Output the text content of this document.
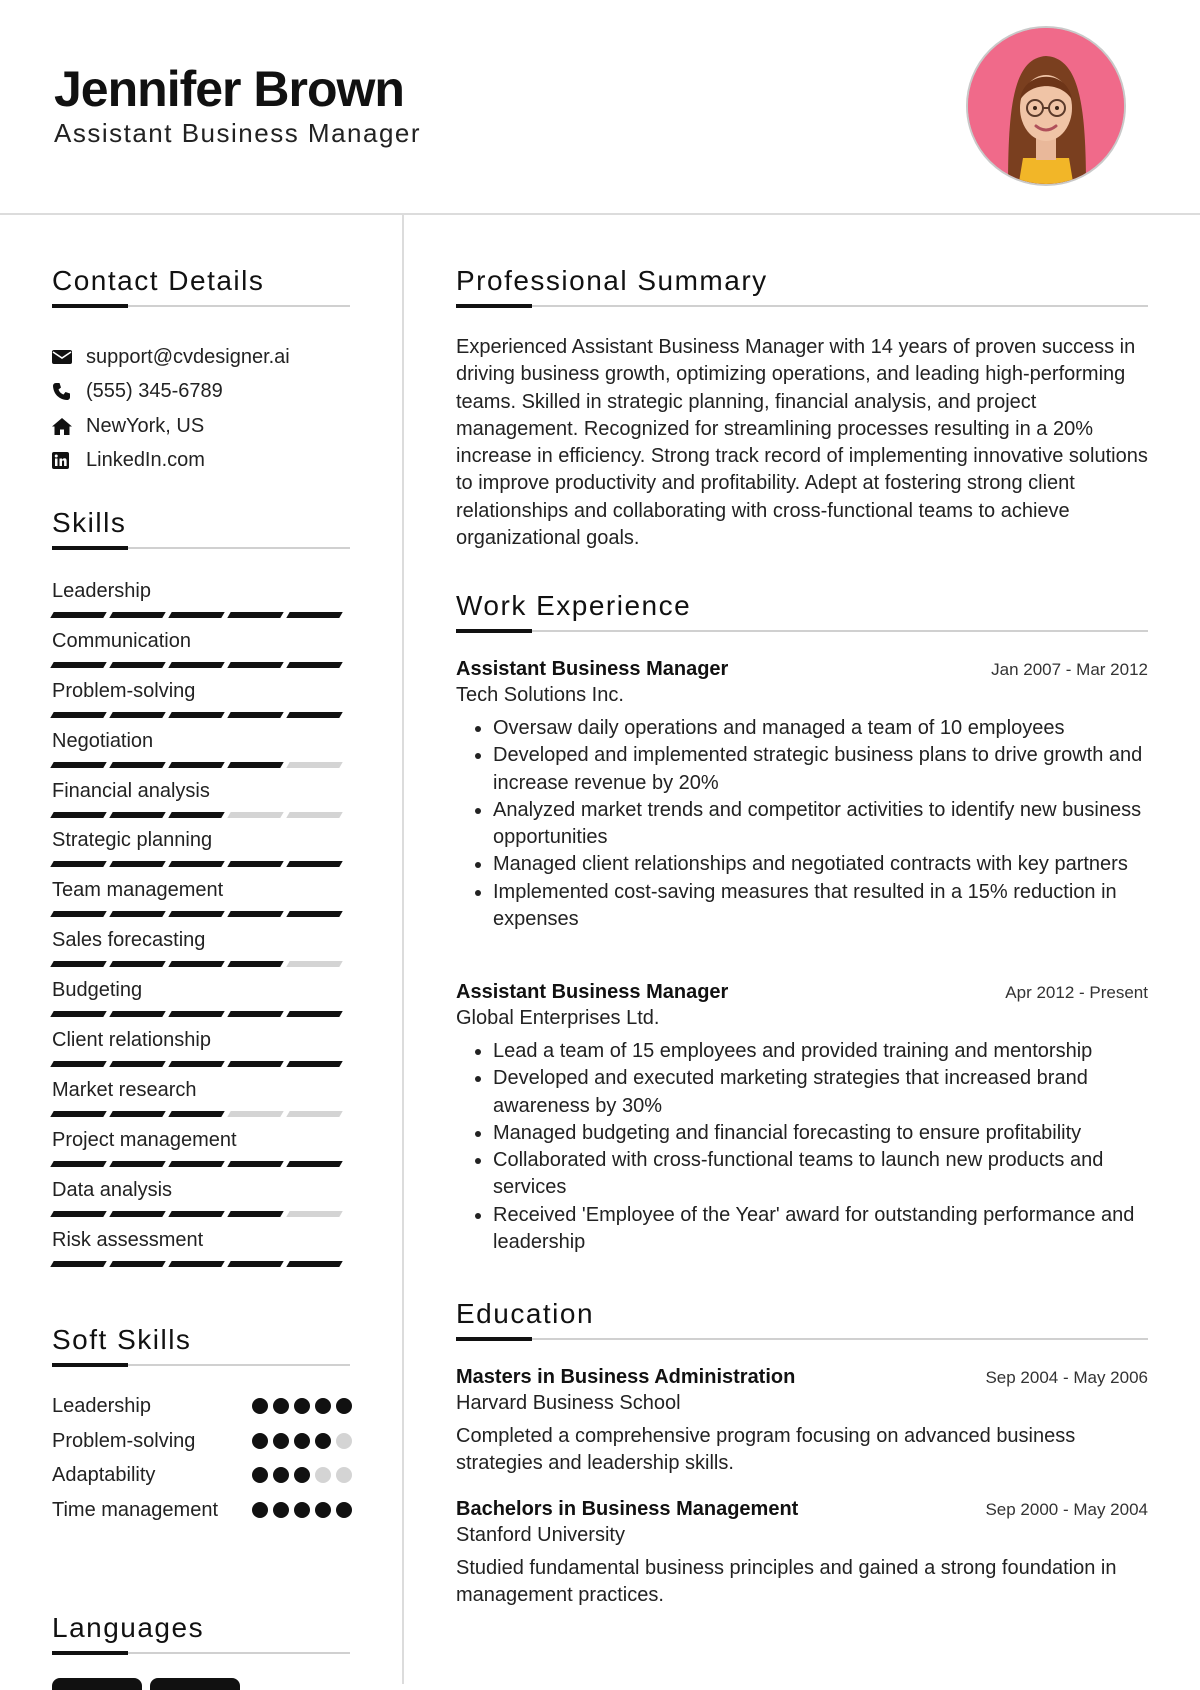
Jennifer Brown
Assistant Business Manager
Contact Details
support@cvdesigner.ai
(555) 345-6789
NewYork, US
LinkedIn.com
Skills
Leadership
Communication
Problem-solving
Negotiation
Financial analysis
Strategic planning
Team management
Sales forecasting
Budgeting
Client relationship
Market research
Project management
Data analysis
Risk assessment
Soft Skills
Leadership
Problem-solving
Adaptability
Time management
Languages
Professional Summary

Experienced Assistant Business Manager with 14 years of proven success in driving business growth, optimizing operations, and leading high-performing teams. Skilled in strategic planning, financial analysis, and project management. Recognized for streamlining processes resulting in a 20% increase in efficiency. Strong track record of implementing innovative solutions to improve productivity and profitability. Adept at fostering strong client relationships and collaborating with cross-functional teams to achieve organizational goals.

Work Experience
Assistant Business Manager	Jan 2007 - Mar 2012
Tech Solutions Inc.
• Oversaw daily operations and managed a team of 10 employees
• Developed and implemented strategic business plans to drive growth and increase revenue by 20%
• Analyzed market trends and competitor activities to identify new business opportunities
• Managed client relationships and negotiated contracts with key partners
• Implemented cost-saving measures that resulted in a 15% reduction in expenses
Assistant Business Manager	Apr 2012 - Present
Global Enterprises Ltd.
• Lead a team of 15 employees and provided training and mentorship
• Developed and executed marketing strategies that increased brand awareness by 30%
• Managed budgeting and financial forecasting to ensure profitability
• Collaborated with cross-functional teams to launch new products and services
• Received 'Employee of the Year' award for outstanding performance and leadership
Education
Masters in Business Administration	Sep 2004 - May 2006
Harvard Business School

Completed a comprehensive program focusing on advanced business strategies and leadership skills.

Bachelors in Business Management	Sep 2000 - May 2004
Stanford University

Studied fundamental business principles and gained a strong foundation in management practices.
